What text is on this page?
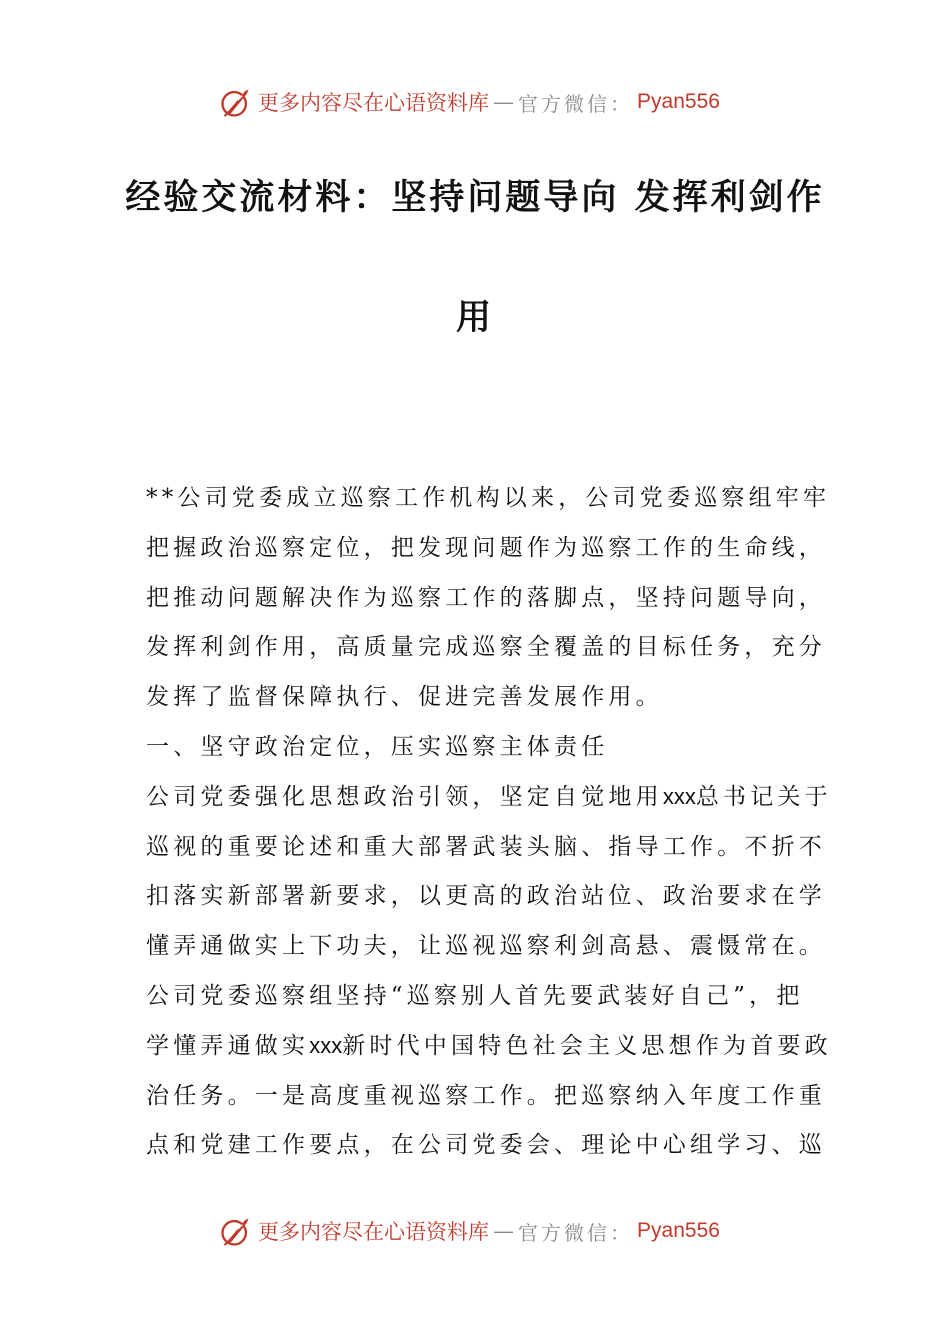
更多内容尽在心语资料库 — 官方微信： Pyan556
经验交流材料：坚持问题导向 发挥利剑作
用
**公司党委成立巡察工作机构以来，公司党委巡察组牢牢
把握政治巡察定位，把发现问题作为巡察工作的生命线，
把推动问题解决作为巡察工作的落脚点，坚持问题导向，
发挥利剑作用，高质量完成巡察全覆盖的目标任务，充分
发挥了监督保障执行、促进完善发展作用。
一、坚守政治定位，压实巡察主体责任
公司党委强化思想政治引领，坚定自觉地用xxx总书记关于
巡视的重要论述和重大部署武装头脑、指导工作。不折不
扣落实新部署新要求，以更高的政治站位、政治要求在学
懂弄通做实上下功夫，让巡视巡察利剑高悬、震慑常在。
公司党委巡察组坚持“巡察别人首先要武装好自己”，把
学懂弄通做实xxx新时代中国特色社会主义思想作为首要政
治任务。一是高度重视巡察工作。把巡察纳入年度工作重
点和党建工作要点，在公司党委会、理论中心组学习、巡
更多内容尽在心语资料库 — 官方微信： Pyan556
